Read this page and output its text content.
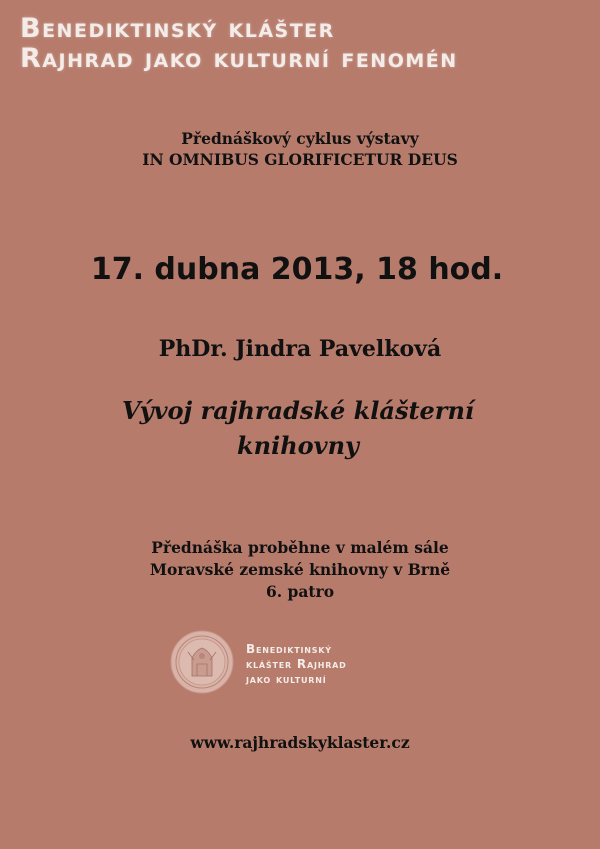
Benediktinský klášter
Rajhrad jako kulturní fenomén
Přednáškový cyklus výstavy
IN OMNIBUS GLORIFICETUR DEUS
17. dubna 2013, 18 hod.
PhDr. Jindra Pavelková
Vývoj rajhradské klášterní
knihovny
Přednáška proběhne v malém sále
Moravské zemské knihovny v Brně
6. patro
Benediktinský
klášter Rajhrad
jako kulturní
www.rajhradskyklaster.cz
